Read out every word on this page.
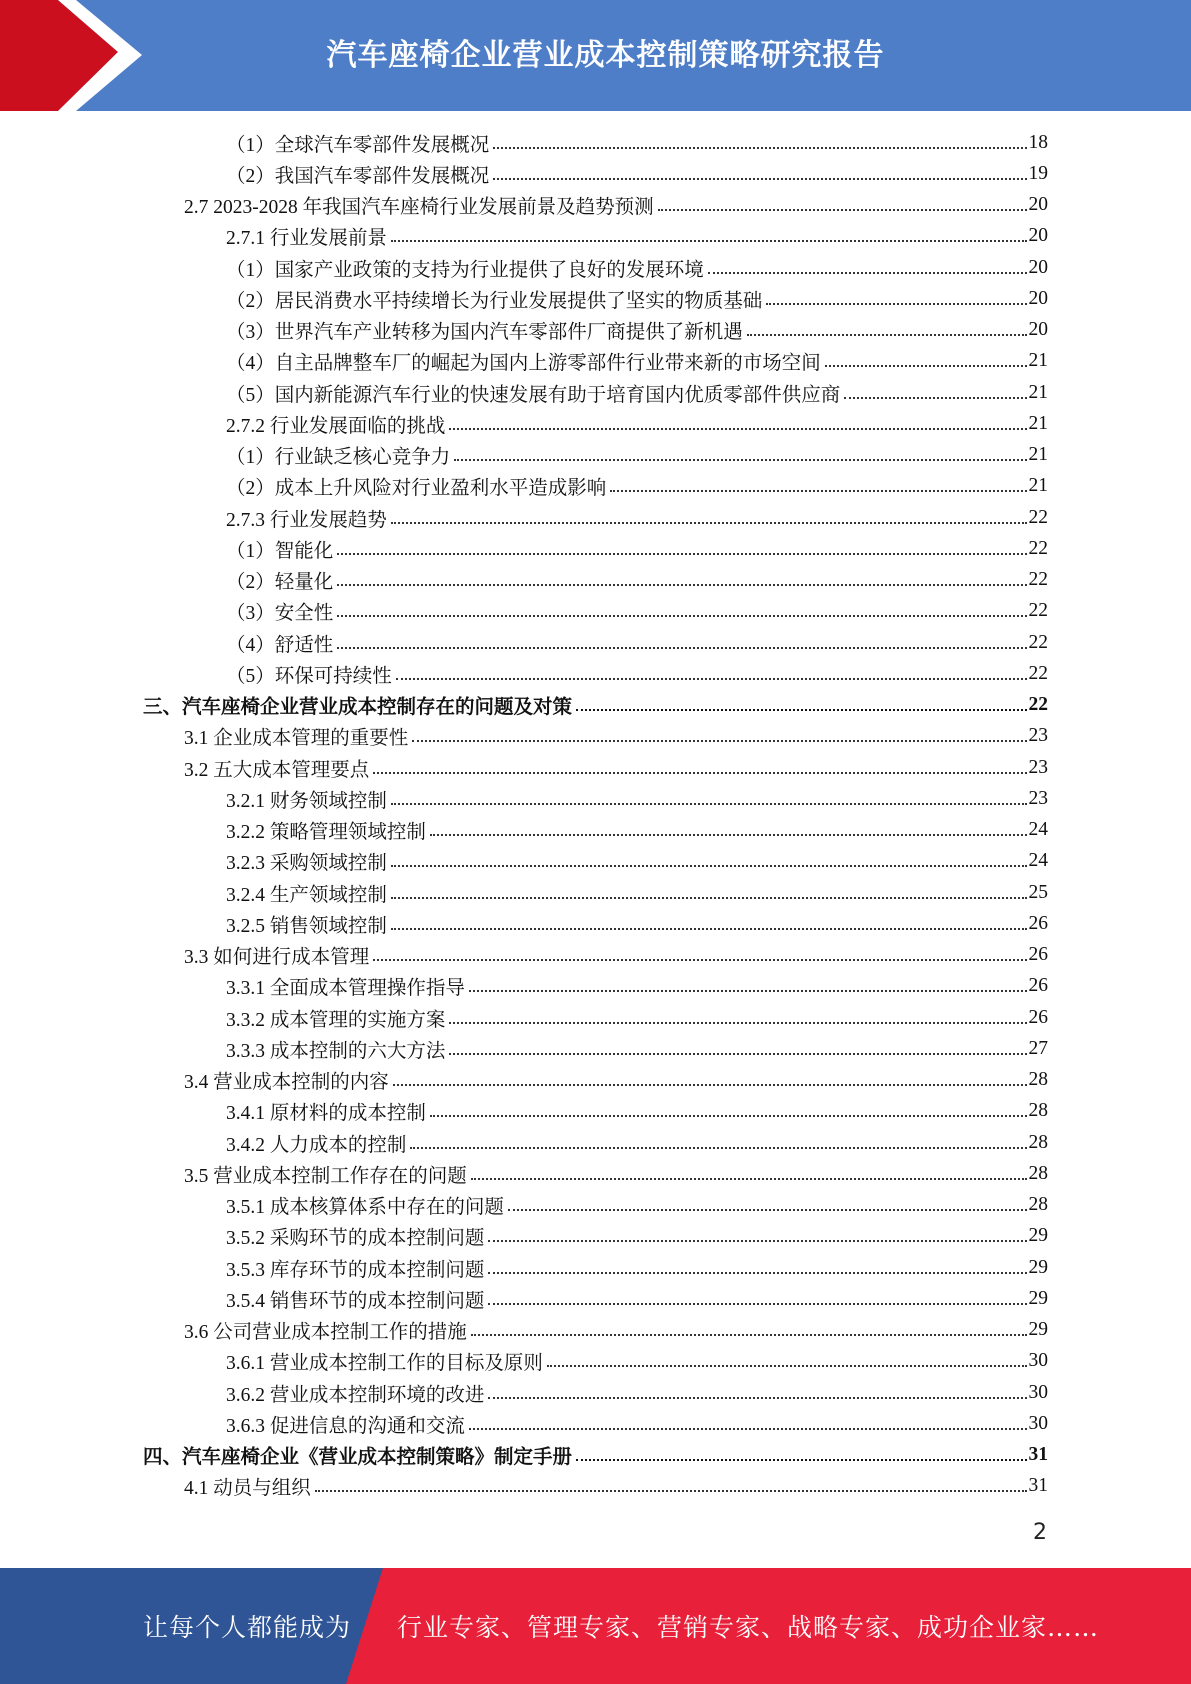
汽车座椅企业营业成本控制策略研究报告
（1）全球汽车零部件发展概况	18
（2）我国汽车零部件发展概况	19
2.7 2023-2028 年我国汽车座椅行业发展前景及趋势预测	20
2.7.1 行业发展前景	20
（1）国家产业政策的支持为行业提供了良好的发展环境	20
（2）居民消费水平持续增长为行业发展提供了坚实的物质基础	20
（3）世界汽车产业转移为国内汽车零部件厂商提供了新机遇	20
（4）自主品牌整车厂的崛起为国内上游零部件行业带来新的市场空间	21
（5）国内新能源汽车行业的快速发展有助于培育国内优质零部件供应商	21
2.7.2 行业发展面临的挑战	21
（1）行业缺乏核心竞争力	21
（2）成本上升风险对行业盈利水平造成影响	21
2.7.3 行业发展趋势	22
（1）智能化	22
（2）轻量化	22
（3）安全性	22
（4）舒适性	22
（5）环保可持续性	22
三、汽车座椅企业营业成本控制存在的问题及对策	22
3.1 企业成本管理的重要性	23
3.2 五大成本管理要点	23
3.2.1 财务领域控制	23
3.2.2 策略管理领域控制	24
3.2.3 采购领域控制	24
3.2.4 生产领域控制	25
3.2.5 销售领域控制	26
3.3 如何进行成本管理	26
3.3.1 全面成本管理操作指导	26
3.3.2 成本管理的实施方案	26
3.3.3 成本控制的六大方法	27
3.4 营业成本控制的内容	28
3.4.1 原材料的成本控制	28
3.4.2 人力成本的控制	28
3.5 营业成本控制工作存在的问题	28
3.5.1 成本核算体系中存在的问题	28
3.5.2 采购环节的成本控制问题	29
3.5.3 库存环节的成本控制问题	29
3.5.4 销售环节的成本控制问题	29
3.6 公司营业成本控制工作的措施	29
3.6.1 营业成本控制工作的目标及原则	30
3.6.2 营业成本控制环境的改进	30
3.6.3 促进信息的沟通和交流	30
四、汽车座椅企业《营业成本控制策略》制定手册	31
4.1 动员与组织	31
2
让每个人都能成为 行业专家、管理专家、营销专家、战略专家、成功企业家……
